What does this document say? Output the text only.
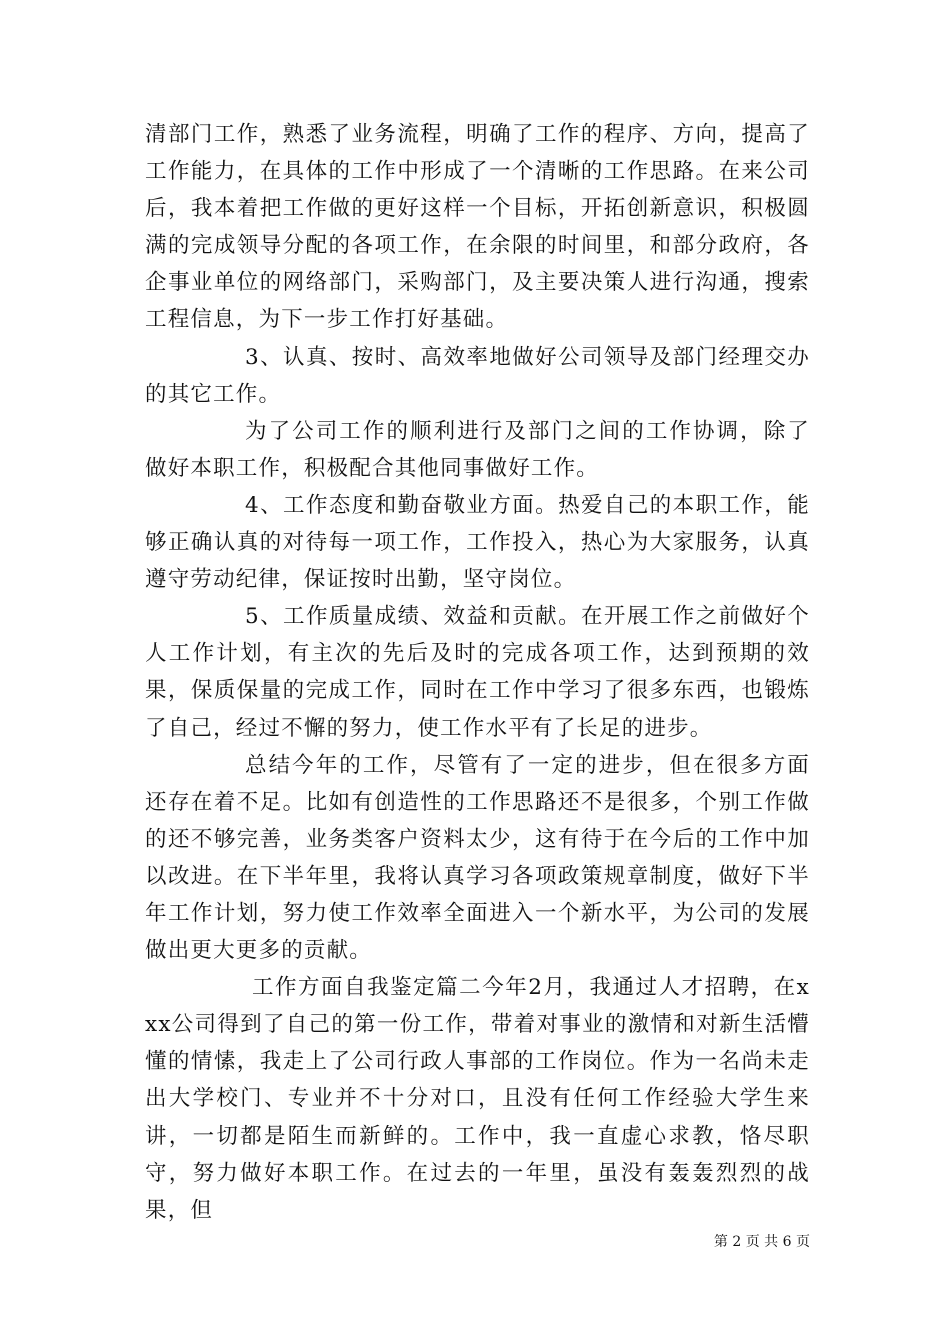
清部门工作，熟悉了业务流程，明确了工作的程序、方向，提高了工作能力，在具体的工作中形成了一个清晰的工作思路。在来公司后，我本着把工作做的更好这样一个目标，开拓创新意识，积极圆满的完成领导分配的各项工作，在余限的时间里，和部分政府，各企事业单位的网络部门，采购部门，及主要决策人进行沟通，搜索工程信息，为下一步工作打好基础。

3、认真、按时、高效率地做好公司领导及部门经理交办的其它工作。

为了公司工作的顺利进行及部门之间的工作协调，除了做好本职工作，积极配合其他同事做好工作。

4、工作态度和勤奋敬业方面。热爱自己的本职工作，能够正确认真的对待每一项工作，工作投入，热心为大家服务，认真遵守劳动纪律，保证按时出勤，坚守岗位。

5、工作质量成绩、效益和贡献。在开展工作之前做好个人工作计划，有主次的先后及时的完成各项工作，达到预期的效果，保质保量的完成工作，同时在工作中学习了很多东西，也锻炼了自己，经过不懈的努力，使工作水平有了长足的进步。

总结今年的工作，尽管有了一定的进步，但在很多方面还存在着不足。比如有创造性的工作思路还不是很多，个别工作做的还不够完善，业务类客户资料太少，这有待于在今后的工作中加以改进。在下半年里，我将认真学习各项政策规章制度，做好下半年工作计划，努力使工作效率全面进入一个新水平，为公司的发展做出更大更多的贡献。

工作方面自我鉴定篇二今年2月，我通过人才招聘，在xxx公司得到了自己的第一份工作，带着对事业的激情和对新生活懵懂的情愫，我走上了公司行政人事部的工作岗位。作为一名尚未走出大学校门、专业并不十分对口，且没有任何工作经验大学生来讲，一切都是陌生而新鲜的。工作中，我一直虚心求教，恪尽职守，努力做好本职工作。在过去的一年里，虽没有轰轰烈烈的战果，但

第 2 页 共 6 页
